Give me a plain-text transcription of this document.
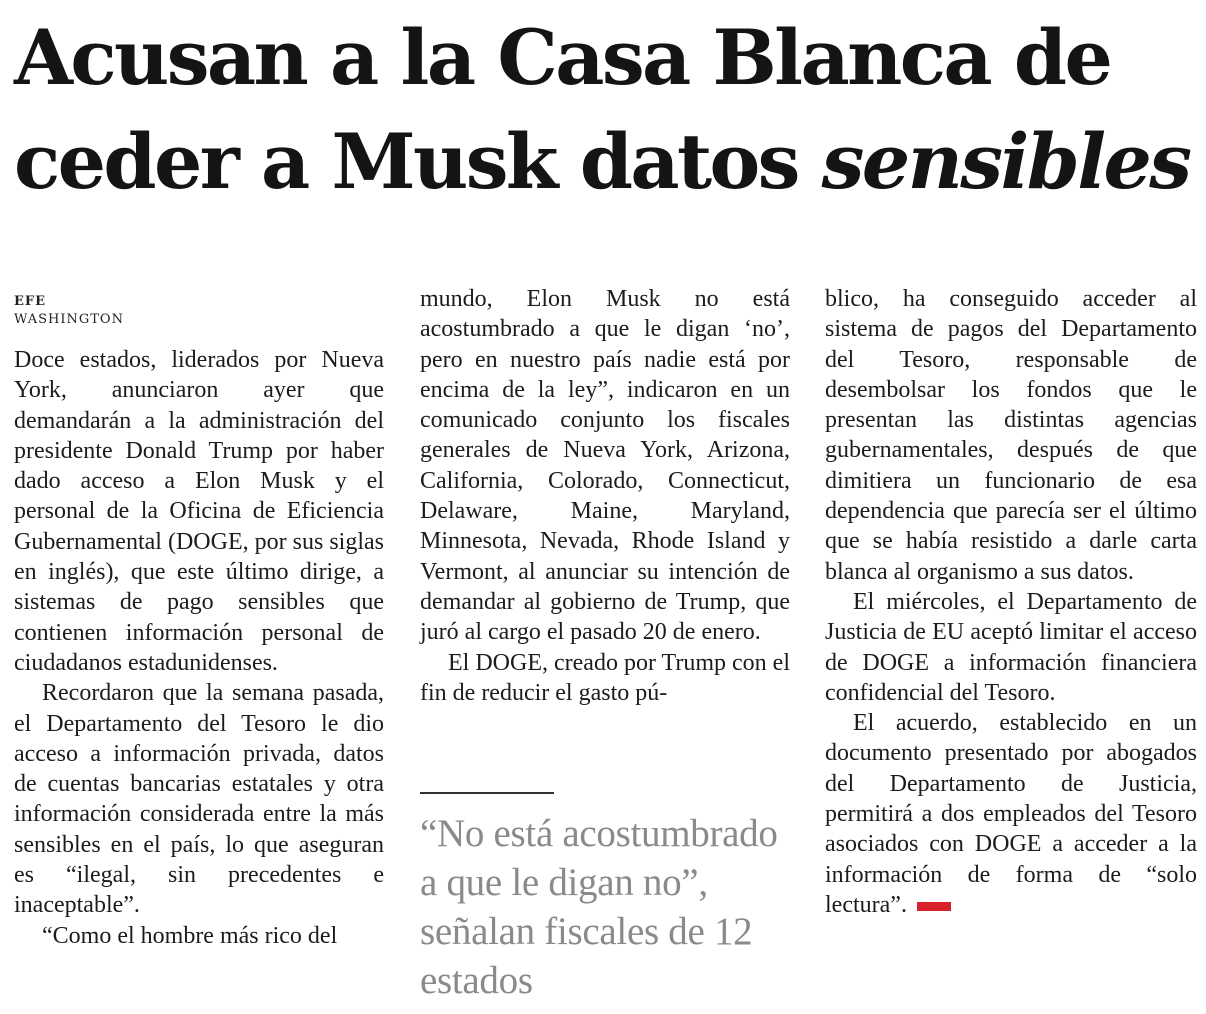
Acusan a la Casa Blanca de
ceder a Musk datos sensibles
EFE
WASHINGTON

Doce estados, liderados por Nueva York, anunciaron ayer que demandarán a la administración del presidente Donald Trump por haber dado acceso a Elon Musk y el personal de la Oficina de Eficiencia Gubernamental (DOGE, por sus siglas en inglés), que este último dirige, a sistemas de pago sensibles que contienen información personal de ciudadanos estadunidenses.

Recordaron que la semana pasada, el Departamento del Tesoro le dio acceso a información privada, datos de cuentas bancarias estatales y otra información considerada entre la más sensibles en el país, lo que aseguran es “ilegal, sin precedentes e inaceptable”.

“Como el hombre más rico del

mundo, Elon Musk no está acostumbrado a que le digan ‘no’, pero en nuestro país nadie está por encima de la ley”, indicaron en un comunicado conjunto los fiscales generales de Nueva York, Arizona, California, Colorado, Connecticut, Delaware, Maine, Maryland, Minnesota, Nevada, Rhode Island y Vermont, al anunciar su intención de demandar al gobierno de Trump, que juró al cargo el pasado 20 de enero.

El DOGE, creado por Trump con el fin de reducir el gasto pú-

“No está acostumbrado a que le digan no”, señalan fiscales de 12 estados

blico, ha conseguido acceder al sistema de pagos del Departamento del Tesoro, responsable de desembolsar los fondos que le presentan las distintas agencias gubernamentales, después de que dimitiera un funcionario de esa dependencia que parecía ser el último que se había resistido a darle carta blanca al organismo a sus datos.

El miércoles, el Departamento de Justicia de EU aceptó limitar el acceso de DOGE a información financiera confidencial del Tesoro.

El acuerdo, establecido en un documento presentado por abogados del Departamento de Justicia, permitirá a dos empleados del Tesoro asociados con DOGE a acceder a la información de forma de “solo lectura”.
